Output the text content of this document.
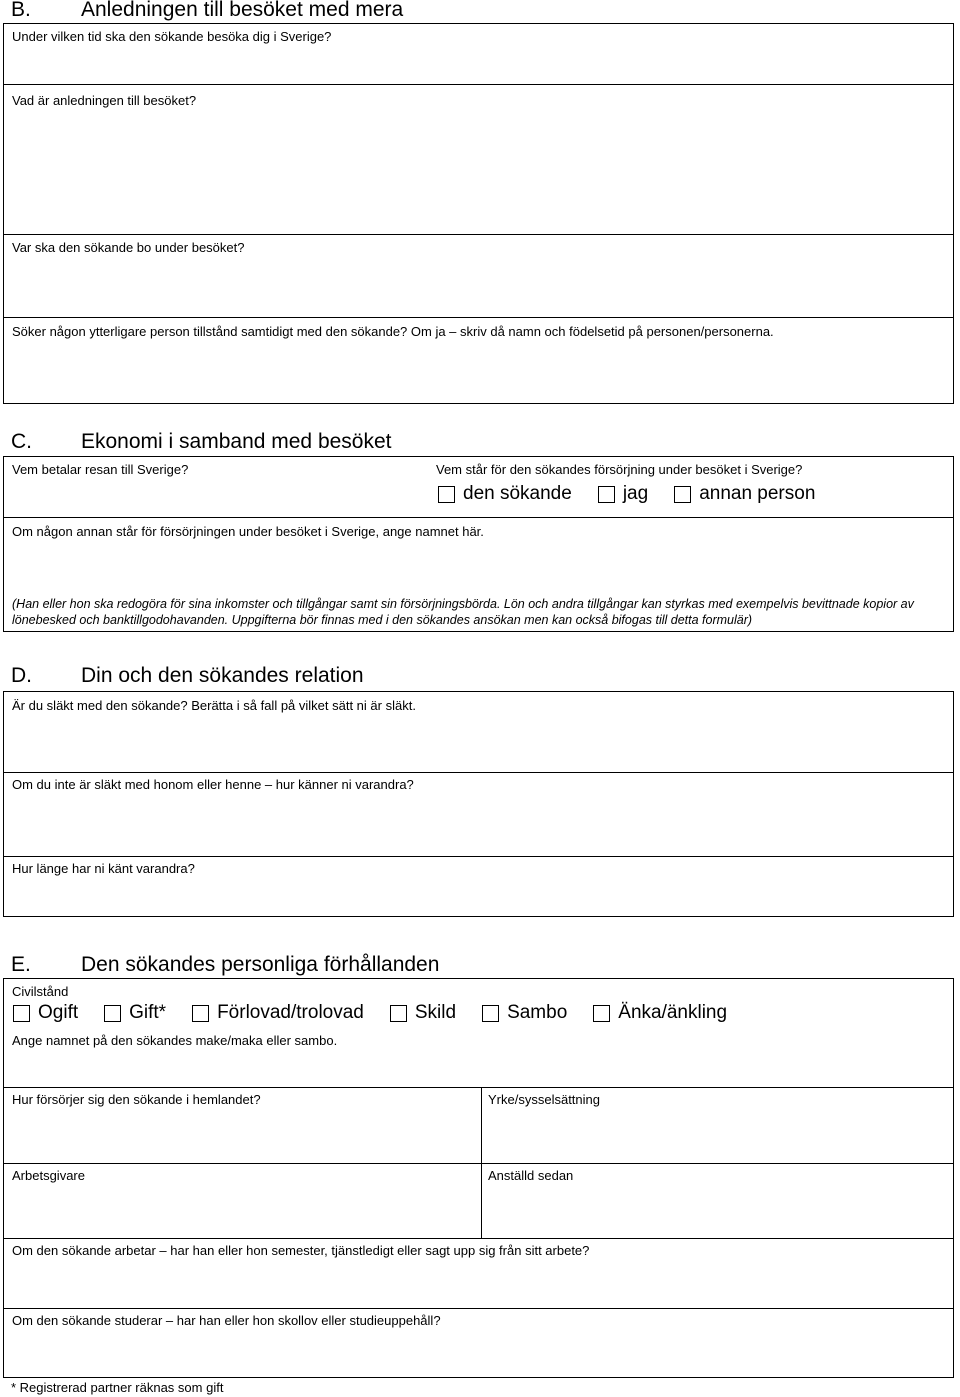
B. Anledningen till besöket med mera
Under vilken tid ska den sökande besöka dig i Sverige?
Vad är anledningen till besöket?
Var ska den sökande bo under besöket?
Söker någon ytterligare person tillstånd samtidigt med den sökande? Om ja – skriv då namn och födelsetid på personen/personerna.
C. Ekonomi i samband med besöket
Vem betalar resan till Sverige?	Vem står för den sökandes försörjning under besöket i Sverige?
den sökande	jag	annan person
Om någon annan står för försörjningen under besöket i Sverige, ange namnet här.
(Han eller hon ska redogöra för sina inkomster och tillgångar samt sin försörjningsbörda. Lön och andra tillgångar kan styrkas med exempelvis bevittnade kopior av lönebesked och banktillgodohavanden. Uppgifterna bör finnas med i den sökandes ansökan men kan också bifogas till detta formulär)
D. Din och den sökandes relation
Är du släkt med den sökande? Berätta i så fall på vilket sätt ni är släkt.
Om du inte är släkt med honom eller henne – hur känner ni varandra?
Hur länge har ni känt varandra?
E. Den sökandes personliga förhållanden
Civilstånd
Ogift	Gift*	Förlovad/trolovad	Skild	Sambo	Änka/änkling
Ange namnet på den sökandes make/maka eller sambo.
Hur försörjer sig den sökande i hemlandet?	Yrke/sysselsättning
Arbetsgivare	Anställd sedan
Om den sökande arbetar – har han eller hon semester, tjänstledigt eller sagt upp sig från sitt arbete?
Om den sökande studerar – har han eller hon skollov eller studieuppehåll?
* Registrerad partner räknas som gift
